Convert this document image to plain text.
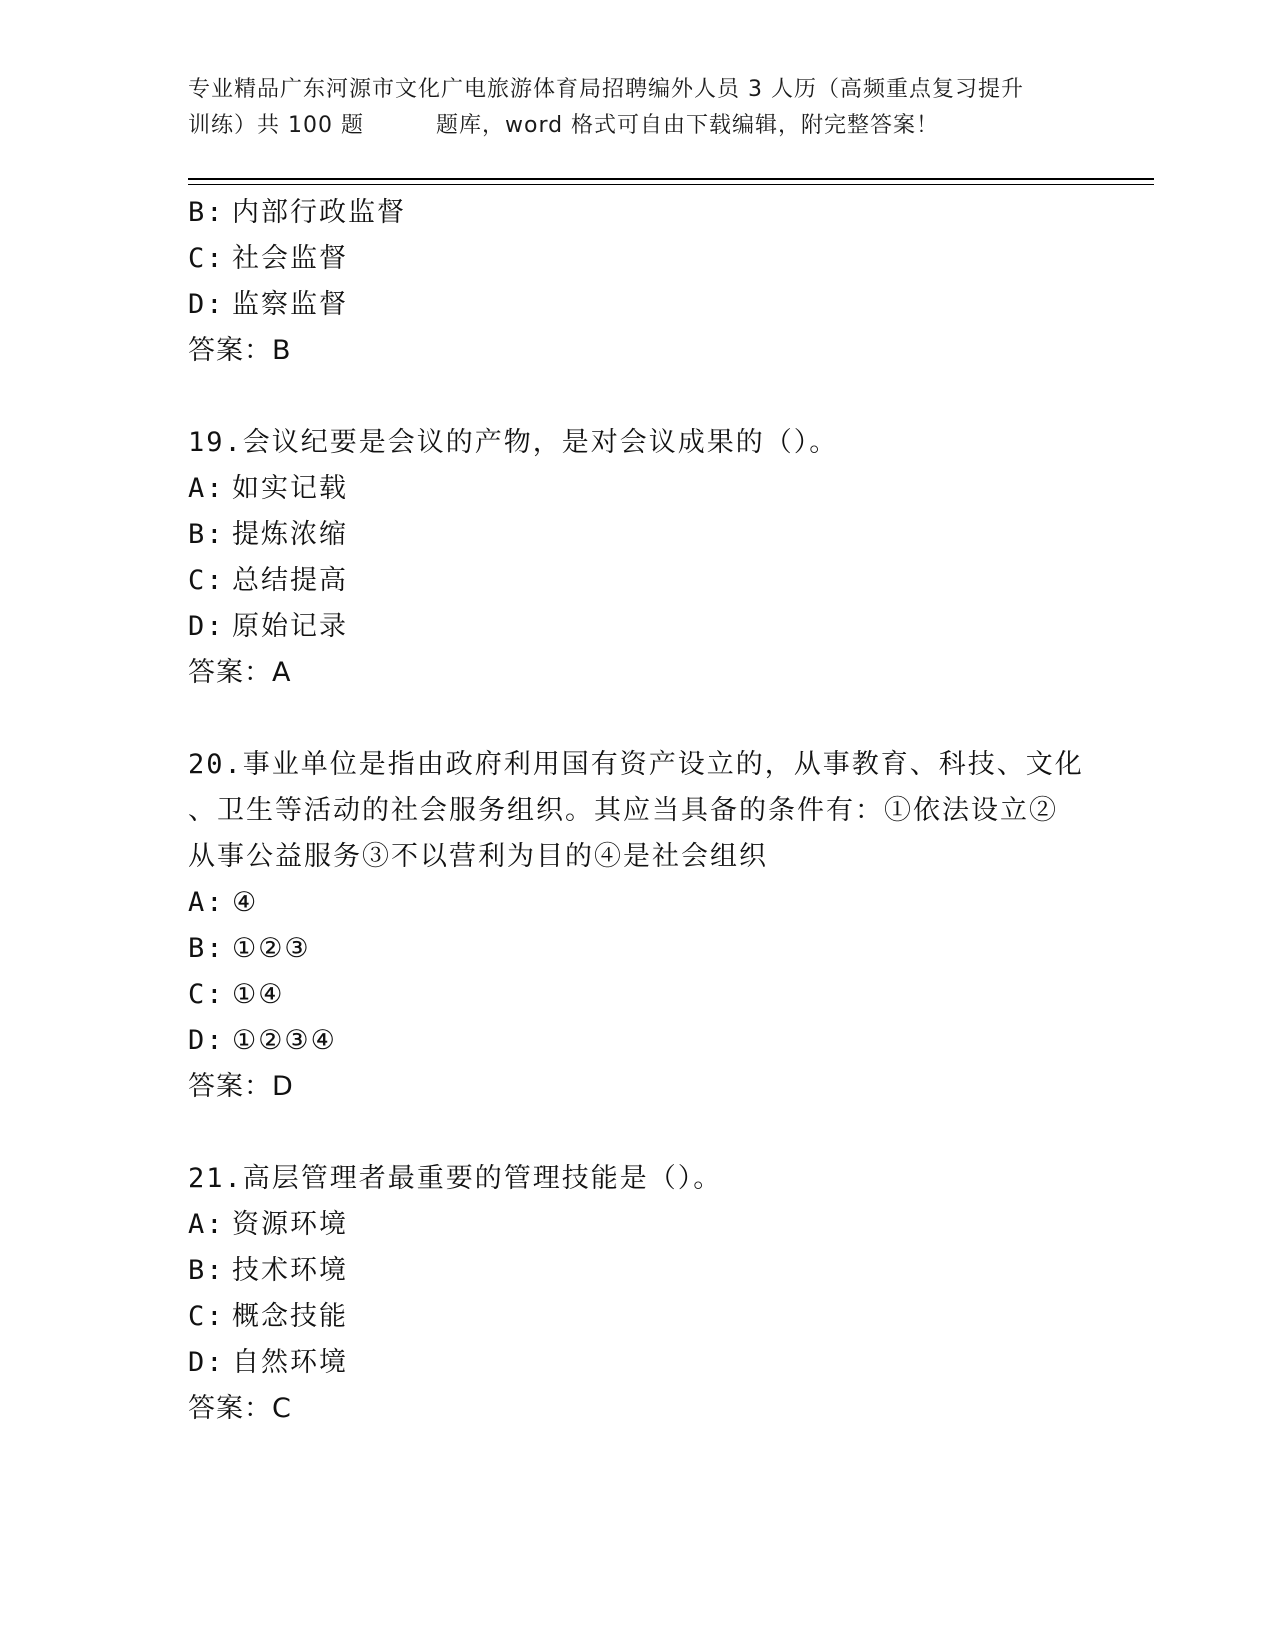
专业精品广东河源市文化广电旅游体育局招聘编外人员 3 人历（高频重点复习提升
训练）共 100 题	题库，word 格式可自由下载编辑，附完整答案！
B: 内部行政监督
C: 社会监督
D: 监察监督
答案：B
19.会议纪要是会议的产物，是对会议成果的（）。
A: 如实记载
B: 提炼浓缩
C: 总结提高
D: 原始记录
答案：A
20.事业单位是指由政府利用国有资产设立的，从事教育、科技、文化
、卫生等活动的社会服务组织。其应当具备的条件有：①依法设立②
从事公益服务③不以营利为目的④是社会组织
A: ④
B: ①②③
C: ①④
D: ①②③④
答案：D
21.高层管理者最重要的管理技能是（）。
A: 资源环境
B: 技术环境
C: 概念技能
D: 自然环境
答案：C
